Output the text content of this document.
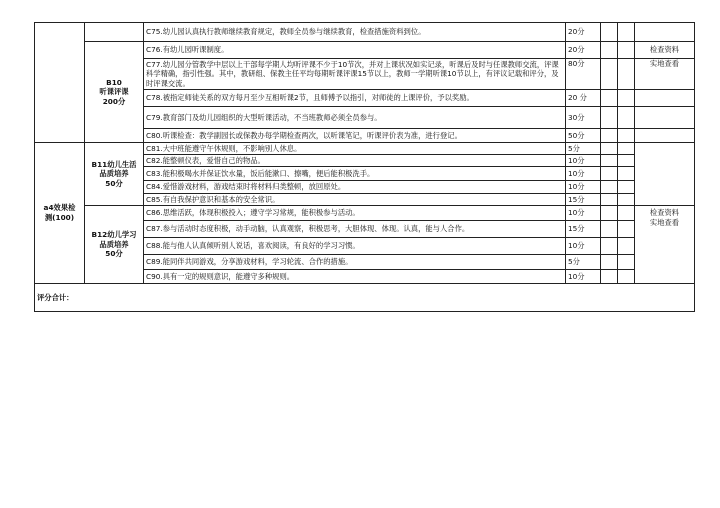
		C75.幼儿园认真执行教师继续教育规定，教师全员参与继续教育，检查措施资料到位。	20分			

	B10
听课评课
200分	C76.有幼儿园听课制度。	20分			检查资料
		C77.幼儿园分管教学中层以上干部每学期人均听评课不少于10节次，并对上课状况如实记录，听课后及时与任课教师交流，评课科学精确，指引性强。其中，教研组、保教主任平均每期听课评课15节以上，教师一学期听课10节以上，有评议记载和评分，及时评课交流。	80分			实地查看
		C78.被指定师徒关系的双方每月至少互相听课2节，且师傅予以指引，对师徒的上课评价，予以奖励。	20 分			
		C79.教育部门及幼儿园组织的大型听课活动，不当班教师必须全员参与。	30分			
		C80.听课检查：教学副园长或保教办每学期检查两次，以听课笔记，听课评价表为准，进行登记。	50分			

a4效果检
测(100)	B11幼儿生活
品质培养
50分	C81.大中班能遵守午休规则，不影响别人休息。	5分			
		C82.能整顿仪表，爱惜自己的物品。	10分			
		C83.能积极喝水并保证饮水量，饭后能漱口、擦嘴，便后能积极洗手。	10分			
		C84.爱惜游戏材料，游戏结束时将材料归类整顿，放回原处。	10分			
		C85.有自我保护意识和基本的安全常识。	15分			

	B12幼儿学习
品质培养
50分	C86.思维活跃，体现积极投入；遵守学习常规，能积极参与活动。	10分			检查资料
实地查看

		C87.参与活动时态度积极，动手动脑，认真观察，积极思考，大胆体现、体现。认真，能与人合作。	15分			
		C88.能与他人认真倾听别人说话，喜欢阅读，有良好的学习习惯。	10分			
		C89.能同伴共同游戏，分享游戏材料，学习轮流、合作的措施。	5分			
		C90.具有一定的规则意识，能遵守多种规则。	10分			
评分合计：						
